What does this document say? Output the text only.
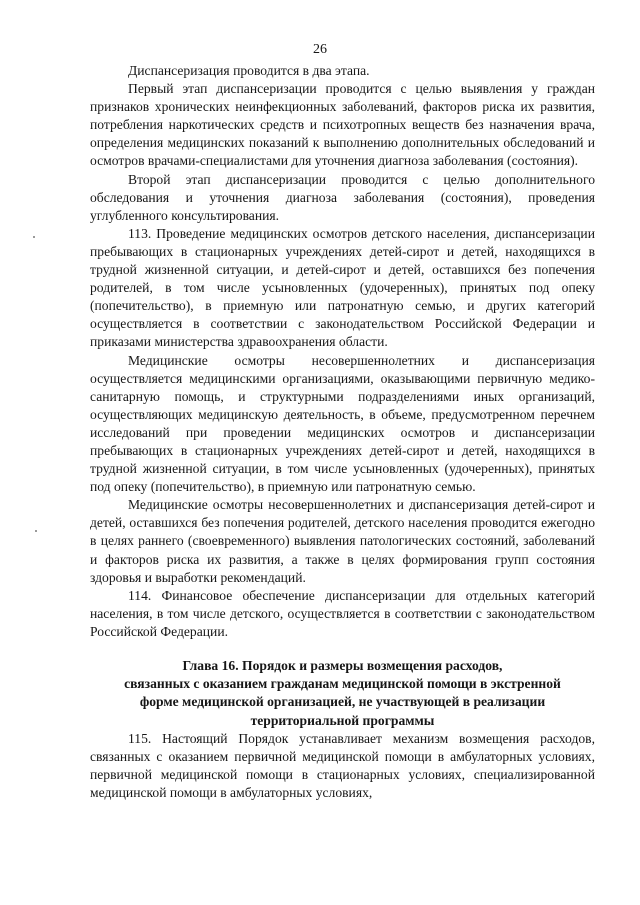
26

Диспансеризация проводится в два этапа.

Первый этап диспансеризации проводится с целью выявления у граждан признаков хронических неинфекционных заболеваний, факторов риска их развития, потребления наркотических средств и психотропных веществ без назначения врача, определения медицинских показаний к выполнению дополнительных обследований и осмотров врачами-специалистами для уточнения диагноза заболевания (состояния).

Второй этап диспансеризации проводится с целью дополнительного обследования и уточнения диагноза заболевания (состояния), проведения углубленного консультирования.

113. Проведение медицинских осмотров детского населения, диспансеризации пребывающих в стационарных учреждениях детей-сирот и детей, находящихся в трудной жизненной ситуации, и детей-сирот и детей, оставшихся без попечения родителей, в том числе усыновленных (удочеренных), принятых под опеку (попечительство), в приемную или патронатную семью, и других категорий осуществляется в соответствии с законодательством Российской Федерации и приказами министерства здравоохранения области.

Медицинские осмотры несовершеннолетних и диспансеризация осуществляется медицинскими организациями, оказывающими первичную медико-санитарную помощь, и структурными подразделениями иных организаций, осуществляющих медицинскую деятельность, в объеме, предусмотренном перечнем исследований при проведении медицинских осмотров и диспансеризации пребывающих в стационарных учреждениях детей-сирот и детей, находящихся в трудной жизненной ситуации, в том числе усыновленных (удочеренных), принятых под опеку (попечительство), в приемную или патронатную семью.

Медицинские осмотры несовершеннолетних и диспансеризация детей-сирот и детей, оставшихся без попечения родителей, детского населения проводится ежегодно в целях раннего (своевременного) выявления патологических состояний, заболеваний и факторов риска их развития, а также в целях формирования групп состояния здоровья и выработки рекомендаций.

114. Финансовое обеспечение диспансеризации для отдельных категорий населения, в том числе детского, осуществляется в соответствии с законодательством Российской Федерации.

Глава 16. Порядок и размеры возмещения расходов,
связанных с оказанием гражданам медицинской помощи в экстренной
форме медицинской организацией, не участвующей в реализации
территориальной программы

115. Настоящий Порядок устанавливает механизм возмещения расходов, связанных с оказанием первичной медицинской помощи в амбулаторных условиях, первичной медицинской помощи в стационарных условиях, специализированной медицинской помощи в амбулаторных условиях,
